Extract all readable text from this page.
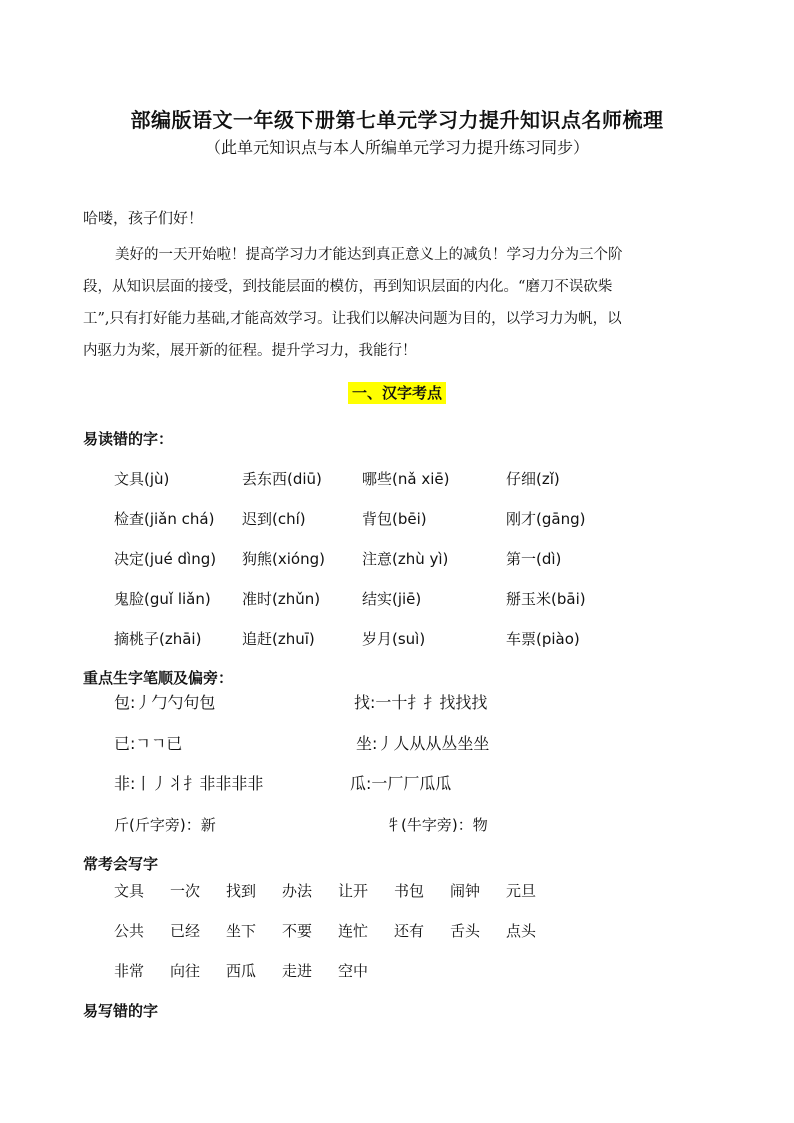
部编版语文一年级下册第七单元学习力提升知识点名师梳理
（此单元知识点与本人所编单元学习力提升练习同步）
哈喽，孩子们好！
美好的一天开始啦！提高学习力才能达到真正意义上的减负！学习力分为三个阶
段，从知识层面的接受，到技能层面的模仿，再到知识层面的内化。“磨刀不误砍柴
工”,只有打好能力基础,才能高效学习。让我们以解决问题为目的，以学习力为帆，以
内驱力为桨，展开新的征程。提升学习力，我能行！
一、汉字考点
易读错的字：
文具(jù)	丢东西(diū)	哪些(nǎ xiē)	仔细(zǐ)
检查(jiǎn chá) 迟到(chí)	背包(bēi)	刚才(gāng)
决定(jué dìng) 狗熊(xióng) 注意(zhù yì)	第一(dì)
鬼脸(guǐ liǎn) 准时(zhǔn)	结实(jiē)	掰玉米(bāi)
摘桃子(zhāi)	追赶(zhuī)	岁月(suì)	车票(piào)
重点生字笔顺及偏旁：
包:丿勹勺句包	找:一十扌扌找找找
已:ㄱㄱ已	坐:丿人从从丛坐坐
非:丨丿丬扌非非非非	瓜:一厂厂瓜瓜
斤(斤字旁)：新	牜(牛字旁)：物
常考会写字
文具 一次 找到 办法 让开 书包 闹钟 元旦
公共 已经 坐下 不要 连忙 还有 舌头 点头
非常 向往 西瓜 走进 空中
易写错的字
